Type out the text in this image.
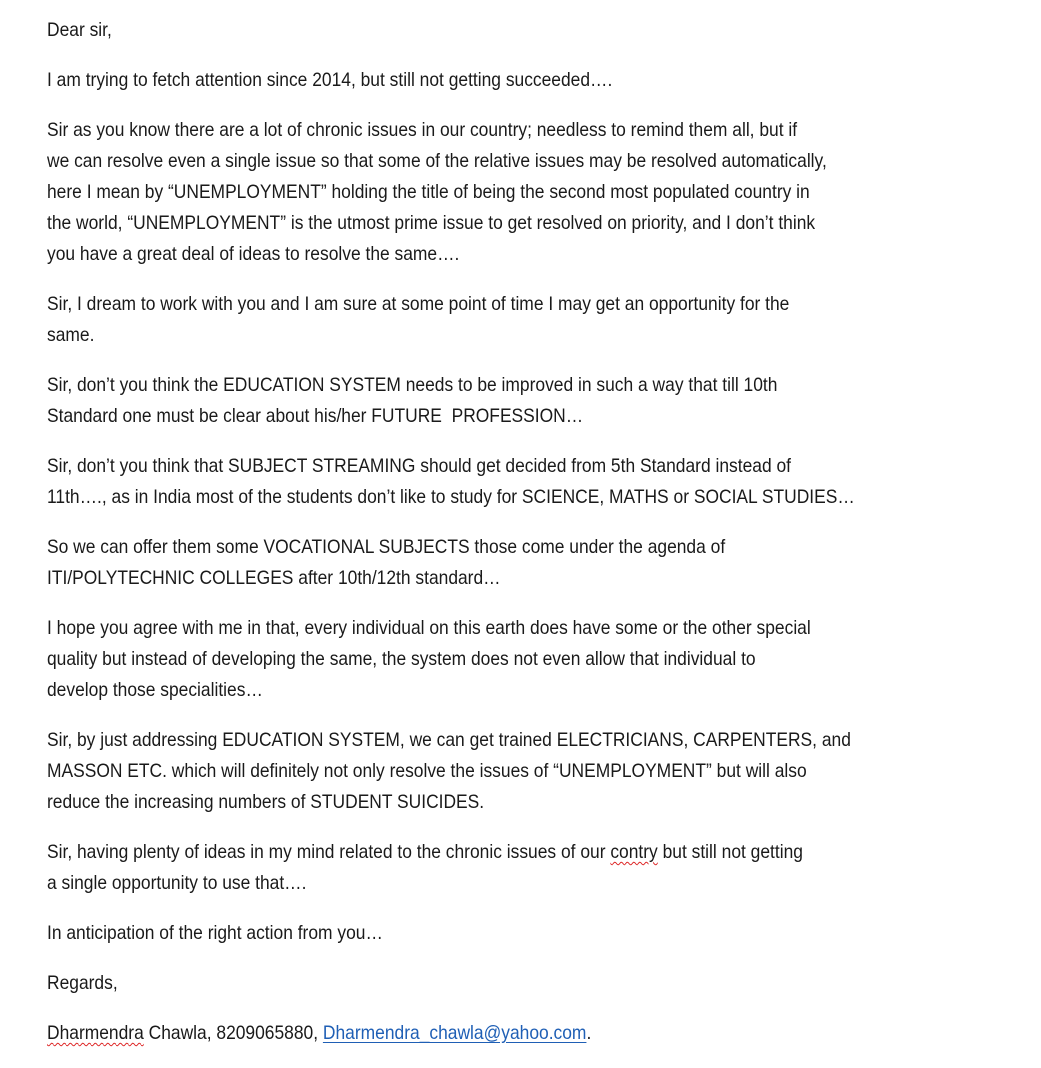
Dear sir,
I am trying to fetch attention since 2014, but still not getting succeeded….
Sir as you know there are a lot of chronic issues in our country; needless to remind them all, but if
we can resolve even a single issue so that some of the relative issues may be resolved automatically,
here I mean by “UNEMPLOYMENT” holding the title of being the second most populated country in
the world, “UNEMPLOYMENT” is the utmost prime issue to get resolved on priority, and I don’t think
you have a great deal of ideas to resolve the same….
Sir, I dream to work with you and I am sure at some point of time I may get an opportunity for the
same.
Sir, don’t you think the EDUCATION SYSTEM needs to be improved in such a way that till 10th
Standard one must be clear about his/her FUTURE  PROFESSION…
Sir, don’t you think that SUBJECT STREAMING should get decided from 5th Standard instead of
11th…., as in India most of the students don’t like to study for SCIENCE, MATHS or SOCIAL STUDIES…
So we can offer them some VOCATIONAL SUBJECTS those come under the agenda of
ITI/POLYTECHNIC COLLEGES after 10th/12th standard…
I hope you agree with me in that, every individual on this earth does have some or the other special
quality but instead of developing the same, the system does not even allow that individual to
develop those specialities…
Sir, by just addressing EDUCATION SYSTEM, we can get trained ELECTRICIANS, CARPENTERS, and
MASSON ETC. which will definitely not only resolve the issues of “UNEMPLOYMENT” but will also
reduce the increasing numbers of STUDENT SUICIDES.
Sir, having plenty of ideas in my mind related to the chronic issues of our contry but still not getting
a single opportunity to use that….
In anticipation of the right action from you…
Regards,
Dharmendra Chawla, 8209065880, Dharmendra_chawla@yahoo.com.
